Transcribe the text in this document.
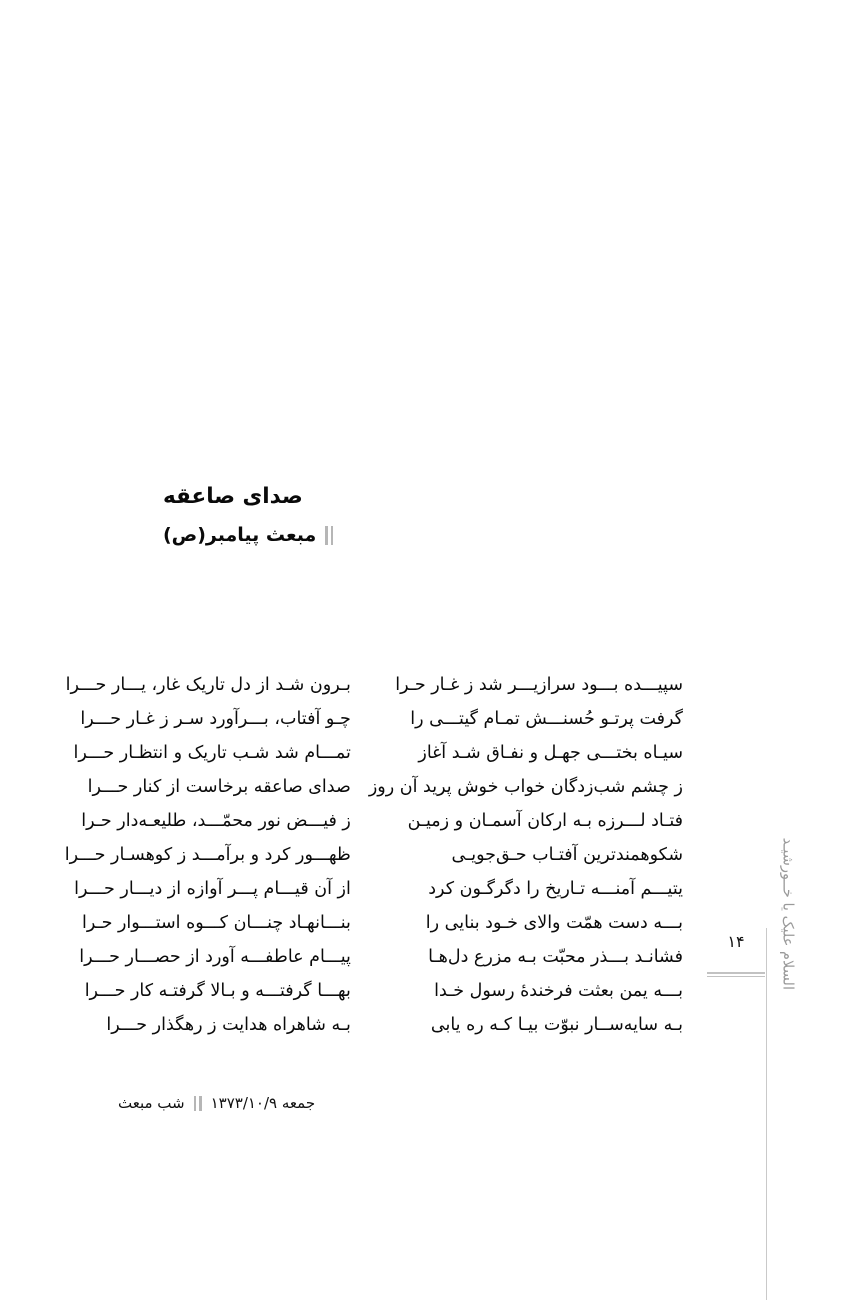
صدای صاعقه
مبعث پیامبر(ص)
سپیـــده بـــود سرازیـــر شد ز غـار حـرا
گرفت پرتـو حُسنـــش تمـام گیتـــی را
سیـاه بختـــی جهـل و نفـاق شـد آغاز
ز چشم شب‌زدگان خواب خوش پرید آن روز
فتـاد لـــرزه بـه ارکان آسمـان و زمیـن
شکوهمندترین آفتـاب حـق‌جویـی
یتیـــم آمنـــه تـاریخ را دگرگـون کرد
بـــه دست همّت والای خـود بنایی را
فشانـد بـــذر محبّت بـه مزرع دل‌هـا
بـــه یمن بعثت فرخندهٔ رسول خـدا
بـه سایه‌ســار نبوّت بیـا کـه ره یابی
بـرون شـد از دل تاریک غار، یـــار حـــرا
چـو آفتاب، بـــرآورد سـر ز غـار حـــرا
تمـــام شد شـب تاریک و انتظـار حـــرا
صدای صاعقه برخاست از کنار حـــرا
ز فیـــض نور محمّـــد، طلیعـه‌دار حـرا
ظهـــور کرد و برآمـــد ز کوهسـار حـــرا
از آن قیـــام پـــر آوازه از دیـــار حـــرا
بنـــانهـاد چنـــان کـــوه استـــوار حـرا
پیـــام عاطفـــه آورد از حصـــار حـــرا
بهـــا گرفتـــه و بـالا گرفتـه کار حـــرا
بـه شاهراه هدایت ز رهگذار حـــرا
شب مبعث جمعه ۱۳۷۳/۱۰/۹
۱۴	السلام علیک یا خــورشیـد
